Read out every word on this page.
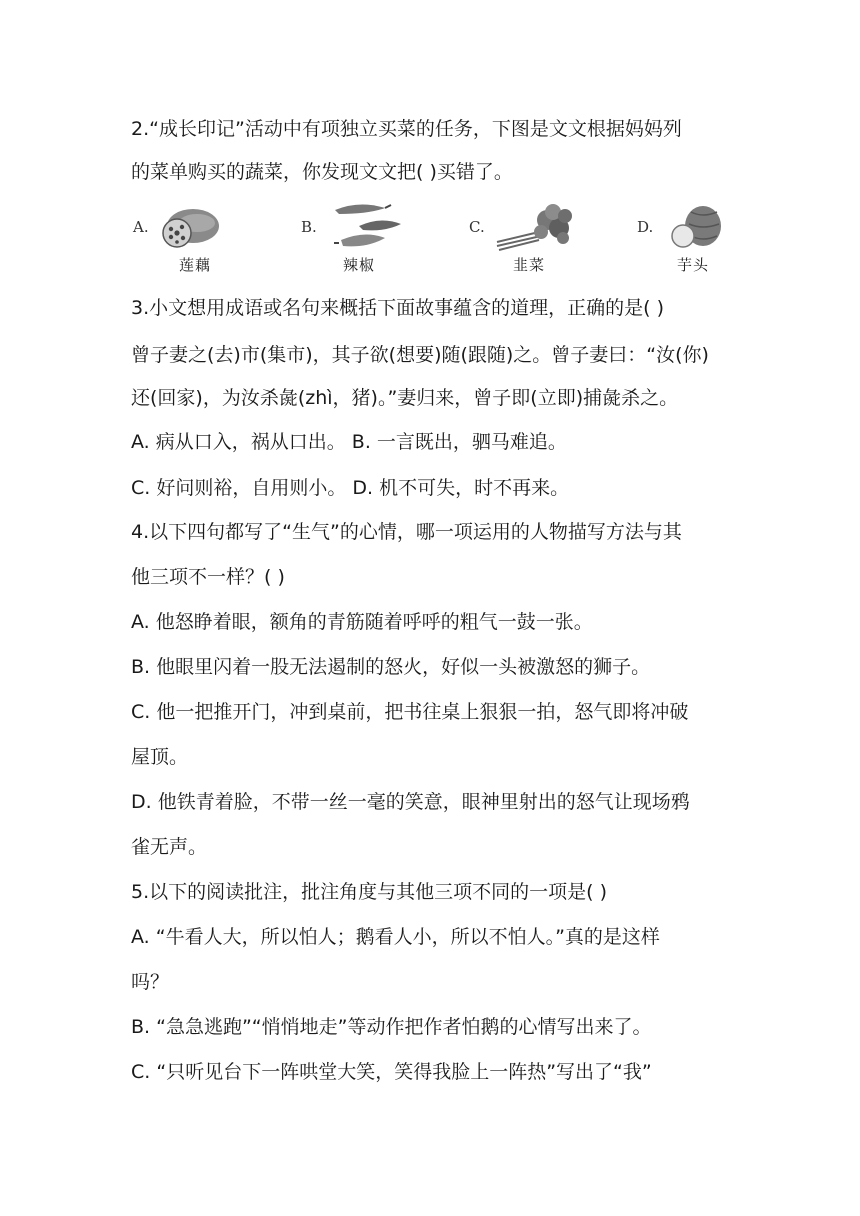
2.“成长印记”活动中有项独立买菜的任务，下图是文文根据妈妈列
的菜单购买的蔬菜，你发现文文把( )买错了。
A.
莲藕
B.
辣椒
C.
韭菜
D.
芋头
3.小文想用成语或名句来概括下面故事蕴含的道理，正确的是( )
曾子妻之(去)市(集市)，其子欲(想要)随(跟随)之。曾子妻曰：“汝(你)
还(回家)，为汝杀彘(zhì，猪)。”妻归来，曾子即(立即)捕彘杀之。
A. 病从口入，祸从口出。 B. 一言既出，驷马难追。
C. 好问则裕，自用则小。 D. 机不可失，时不再来。
4.以下四句都写了“生气”的心情，哪一项运用的人物描写方法与其
他三项不一样？( )
A. 他怒睁着眼，额角的青筋随着呼呼的粗气一鼓一张。
B. 他眼里闪着一股无法遏制的怒火，好似一头被激怒的狮子。
C. 他一把推开门，冲到桌前，把书往桌上狠狠一拍，怒气即将冲破
屋顶。
D. 他铁青着脸，不带一丝一毫的笑意，眼神里射出的怒气让现场鸦
雀无声。
5.以下的阅读批注，批注角度与其他三项不同的一项是( )
A. “牛看人大，所以怕人；鹅看人小，所以不怕人。”真的是这样
吗？
B. “急急逃跑”“悄悄地走”等动作把作者怕鹅的心情写出来了。
C. “只听见台下一阵哄堂大笑，笑得我脸上一阵热”写出了“我”
